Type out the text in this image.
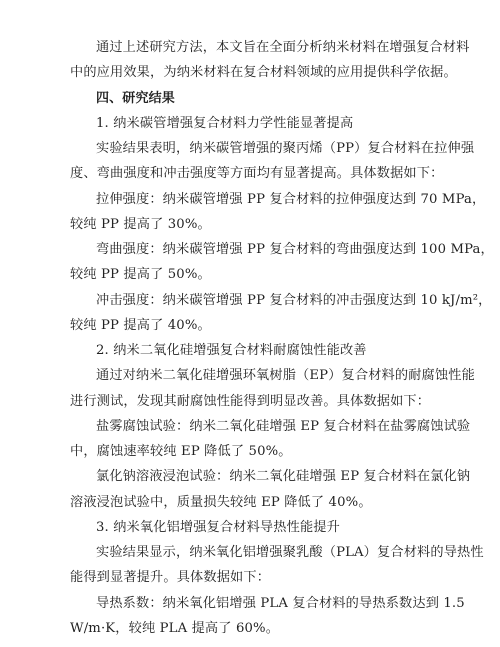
通过上述研究方法，本文旨在全面分析纳米材料在增强复合材料
中的应用效果，为纳米材料在复合材料领域的应用提供科学依据。
四、研究结果
1. 纳米碳管增强复合材料力学性能显著提高
实验结果表明，纳米碳管增强的聚丙烯（PP）复合材料在拉伸强
度、弯曲强度和冲击强度等方面均有显著提高。具体数据如下：
拉伸强度：纳米碳管增强 PP 复合材料的拉伸强度达到 70 MPa，
较纯 PP 提高了 30%。
弯曲强度：纳米碳管增强 PP 复合材料的弯曲强度达到 100 MPa，
较纯 PP 提高了 50%。
冲击强度：纳米碳管增强 PP 复合材料的冲击强度达到 10 kJ/m²，
较纯 PP 提高了 40%。
2. 纳米二氧化硅增强复合材料耐腐蚀性能改善
通过对纳米二氧化硅增强环氧树脂（EP）复合材料的耐腐蚀性能
进行测试，发现其耐腐蚀性能得到明显改善。具体数据如下：
盐雾腐蚀试验：纳米二氧化硅增强 EP 复合材料在盐雾腐蚀试验
中，腐蚀速率较纯 EP 降低了 50%。
氯化钠溶液浸泡试验：纳米二氧化硅增强 EP 复合材料在氯化钠
溶液浸泡试验中，质量损失较纯 EP 降低了 40%。
3. 纳米氧化铝增强复合材料导热性能提升
实验结果显示，纳米氧化铝增强聚乳酸（PLA）复合材料的导热性
能得到显著提升。具体数据如下：
导热系数：纳米氧化铝增强 PLA 复合材料的导热系数达到 1.5
W/m·K，较纯 PLA 提高了 60%。
